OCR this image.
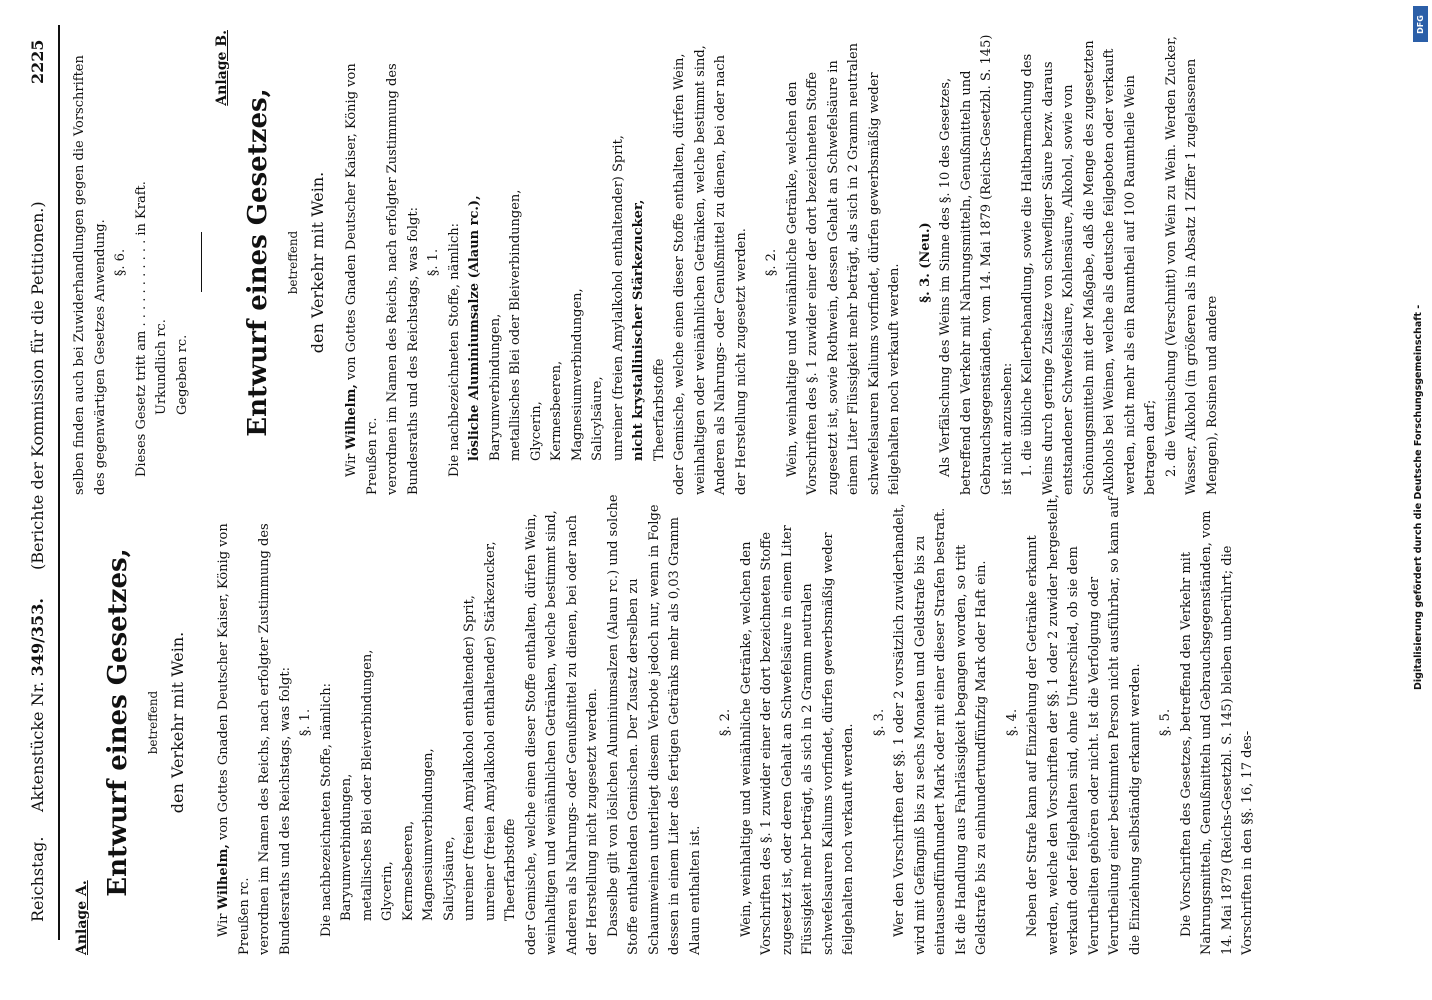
Reichstag.
Aktenstücke Nr. 349/353.
(Berichte der Kommission für die Petitionen.)
2225

Anlage A.

Entwurf eines Gesetzes,	betreffend den Verkehr mit Wein.

Wir Wilhelm, von Gottes Gnaden Deutscher Kaiser, König von Preußen rc. verordnen im Namen des Reichs, nach erfolgter Zustimmung des Bundesraths und des Reichstags, was folgt: §. 1. Die nachbezeichneten Stoffe, nämlich: Baryumverbindungen, metallisches Blei oder Bleiverbindungen, Glycerin, Kermesbeeren, Magnesiumverbindungen, Salicylsäure, unreiner (freien Amylalkohol enthaltender) Sprit, unreiner (freien Amylalkohol enthaltender) Stärkezucker, Theerfarbstoffe oder Gemische, welche einen dieser Stoffe enthalten, dürfen Wein, weinhaltigen und weinähnlichen Getränken, welche bestimmt sind, Anderen als Nahrungs- oder Genußmittel zu dienen, bei oder nach der Herstellung nicht zugesetzt werden. Dasselbe gilt von löslichen Aluminiumsalzen (Alaun rc.) und solche Stoffe enthaltenden Gemischen. Der Zusatz derselben zu Schaumweinen unterliegt diesem Verbote jedoch nur, wenn in Folge dessen in einem Liter des fertigen Getränks mehr als 0,03 Gramm Alaun enthalten ist.

§. 2. Wein, weinhaltige und weinähnliche Getränke, welchen den Vorschriften des §. 1 zuwider einer der dort bezeichneten Stoffe zugesetzt ist, oder deren Gehalt an Schwefelsäure in einem Liter Flüssigkeit mehr beträgt, als sich in 2 Gramm neutralen schwefelsauren Kaliums vorfindet, dürfen gewerbsmäßig weder feilgehalten noch verkauft werden.

§. 3. Wer den Vorschriften der §§. 1 oder 2 vorsätzlich zuwiderhandelt, wird mit Gefängniß bis zu sechs Monaten und Geldstrafe bis zu eintausendfünfhundert Mark oder mit einer dieser Strafen bestraft. Ist die Handlung aus Fahrlässigkeit begangen worden, so tritt Geldstrafe bis zu einhundertundfünfzig Mark oder Haft ein. §. 4. Neben der Strafe kann auf Einziehung der Getränke erkannt werden, welche den Vorschriften der §§. 1 oder 2 zuwider hergestellt, verkauft oder feilgehalten sind, ohne Unterschied, ob sie dem Verurtheilten gehören oder nicht. Ist die Verfolgung oder Verurtheilung einer bestimmten Person nicht ausführbar, so kann auf die Einziehung selbständig erkannt werden. §. 5. Die Vorschriften des Gesetzes, betreffend den Verkehr mit Nahrungsmitteln, Genußmitteln und Gebrauchsgegenständen, vom 14. Mai 1879 (Reichs-Gesetzbl. S. 145) bleiben unberührt; die Vorschriften in den §§. 16, 17 des-

selben finden auch bei Zuwiderhandlungen gegen die Vorschriften des gegenwärtigen Gesetzes Anwendung. §. 6. Dieses Gesetz tritt am . . . . . . . . . . . in Kraft. Urkundlich rc. Gegeben rc.

Anlage B.

Entwurf eines Gesetzes,	betreffend den Verkehr mit Wein.

Wir Wilhelm, von Gottes Gnaden Deutscher Kaiser, König von Preußen rc. verordnen im Namen des Reichs, nach erfolgter Zustimmung des Bundesraths und des Reichstags, was folgt: §. 1. Die nachbezeichneten Stoffe, nämlich: lösliche Aluminiumsalze (Alaun rc.), Baryumverbindungen, metallisches Blei oder Bleiverbindungen, Glycerin, Kermesbeeren, Magnesiumverbindungen, Salicylsäure, unreiner (freien Amylalkohol enthaltender) Sprit, nicht krystallinischer Stärkezucker, Theerfarbstoffe oder Gemische, welche einen dieser Stoffe enthalten, dürfen Wein, weinhaltigen oder weinähnlichen Getränken, welche bestimmt sind, Anderen als Nahrungs- oder Genußmittel zu dienen, bei oder nach der Herstellung nicht zugesetzt werden. §. 2. Wein, weinhaltige und weinähnliche Getränke, welchen den Vorschriften des §. 1 zuwider einer der dort bezeichneten Stoffe zugesetzt ist, sowie Rothwein, dessen Gehalt an Schwefelsäure in einem Liter Flüssigkeit mehr beträgt, als sich in 2 Gramm neutralen schwefelsauren Kaliums vorfindet, dürfen gewerbsmäßig weder feilgehalten noch verkauft werden.

§. 3. (Neu.) Als Verfälschung des Weins im Sinne des §. 10 des Gesetzes, betreffend den Verkehr mit Nahrungsmitteln, Genußmitteln und Gebrauchsgegenständen, vom 14. Mai 1879 (Reichs-Gesetzbl. S. 145) ist nicht anzusehen: 1. die übliche Kellerbehandlung, sowie die Haltbarmachung des Weins durch geringe Zusätze von schwefliger Säure bezw. daraus entstandener Schwefelsäure, Kohlensäure, Alkohol, sowie von Schönungsmitteln mit der Maßgabe, daß die Menge des zugesetzten Alkohols bei Weinen, welche als deutsche feilgeboten oder verkauft werden, nicht mehr als ein Raumtheil auf 100 Raumtheile Wein betragen darf; 2. die Vermischung (Verschnitt) von Wein zu Wein. Werden Zucker, Wasser, Alkohol (in größeren als in Absatz 1 Ziffer 1 zugelassenen Mengen), Rosinen und andere	Digitalisierung gefördert durch die Deutsche Forschungsgemeinschaft -
DFG
